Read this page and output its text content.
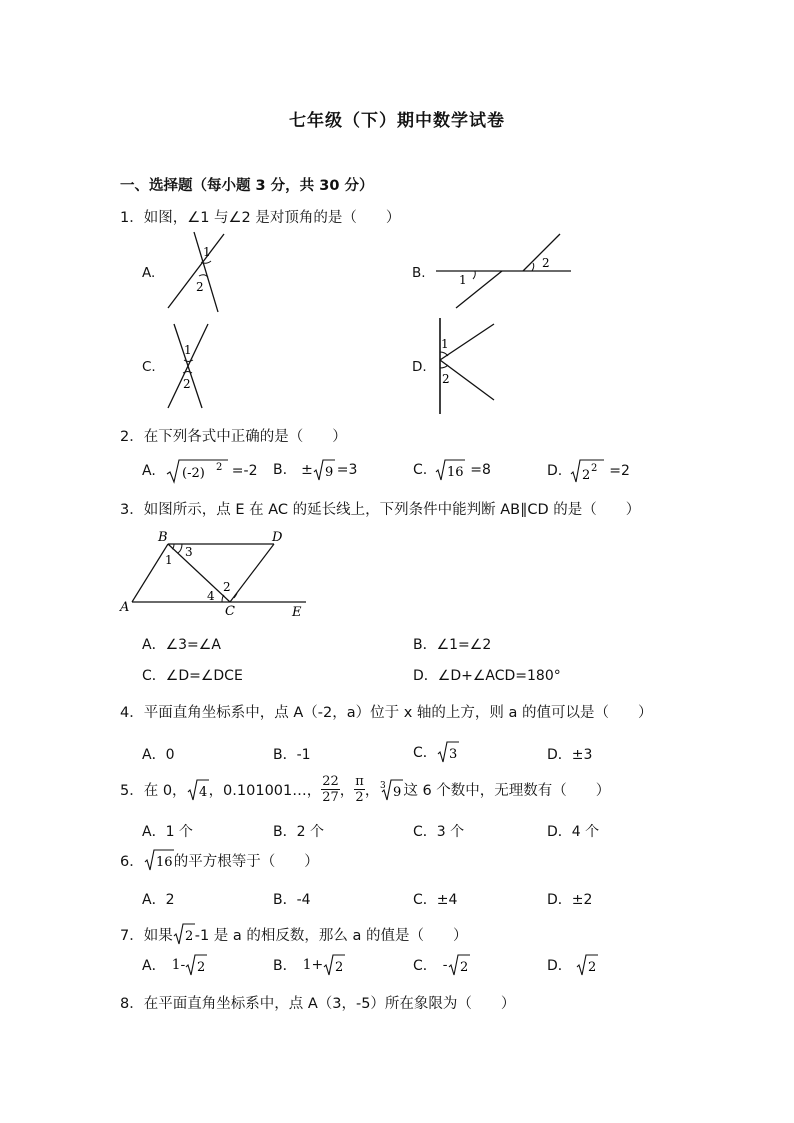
七年级（下）期中数学试卷
一、选择题（每小题 3 分，共 30 分）
1．如图，∠1 与∠2 是对顶角的是（　　）
A.	B.
C.	D.
1
2
2
1
1
2
1
2
2．在下列各式中正确的是（　　）
A. (-2) 2 =-2 B. ± 9 =3	C. 16 =8	D. 2 2 =2
3．如图所示，点 E 在 AC 的延长线上，下列条件中能判断 AB∥CD 的是（　　）
B	D
A	C	E
1
3
2
4
A．∠3=∠A	B．∠1=∠2
C．∠D=∠DCE	D．∠D+∠ACD=180°
4．平面直角坐标系中，点 A（-2，a）位于 x 轴的上方，则 a 的值可以是（　　）
A．0	B．-1	C． 3	D．±3
5．在 0， 4 ，0.101001…， $\frac{22}{27}$ ， $\frac{\pi}{2}$ ， 3 9 这 6 个数中，无理数有（　　）
A．1 个	B．2 个	C．3 个	D．4 个
6． 16 的平方根等于（　　）
A．2	B．-4	C．±4	D．±2
7．如果 2 -1 是 a 的相反数，那么 a 的值是（　　）
A． 1- 2	B． 1+ 2	C． - 2	D． 2
8．在平面直角坐标系中，点 A（3，-5）所在象限为（　　）
